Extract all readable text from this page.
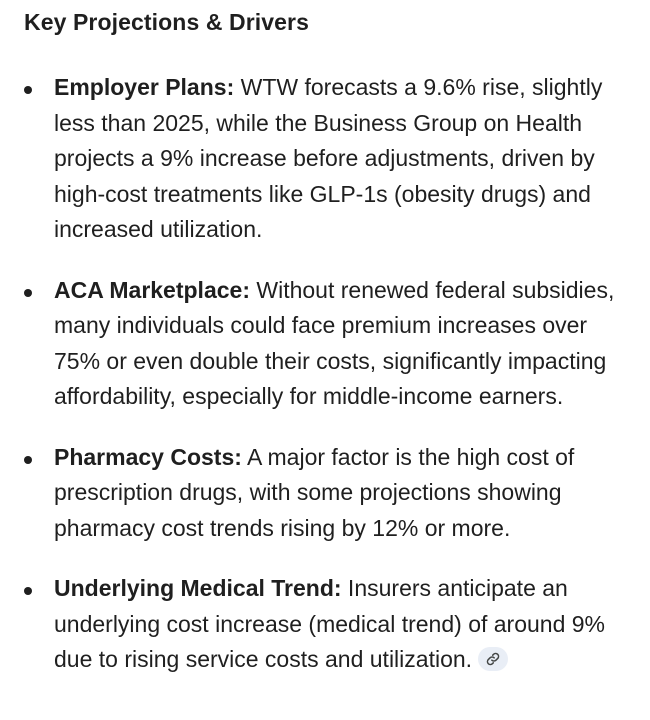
Key Projections & Drivers
Employer Plans: WTW forecasts a 9.6% rise, slightly less than 2025, while the Business Group on Health projects a 9% increase before adjustments, driven by high-cost treatments like GLP-1s (obesity drugs) and increased utilization.
ACA Marketplace: Without renewed federal subsidies, many individuals could face premium increases over 75% or even double their costs, significantly impacting affordability, especially for middle-income earners.
Pharmacy Costs: A major factor is the high cost of prescription drugs, with some projections showing pharmacy cost trends rising by 12% or more.
Underlying Medical Trend: Insurers anticipate an underlying cost increase (medical trend) of around 9% due to rising service costs and utilization.
